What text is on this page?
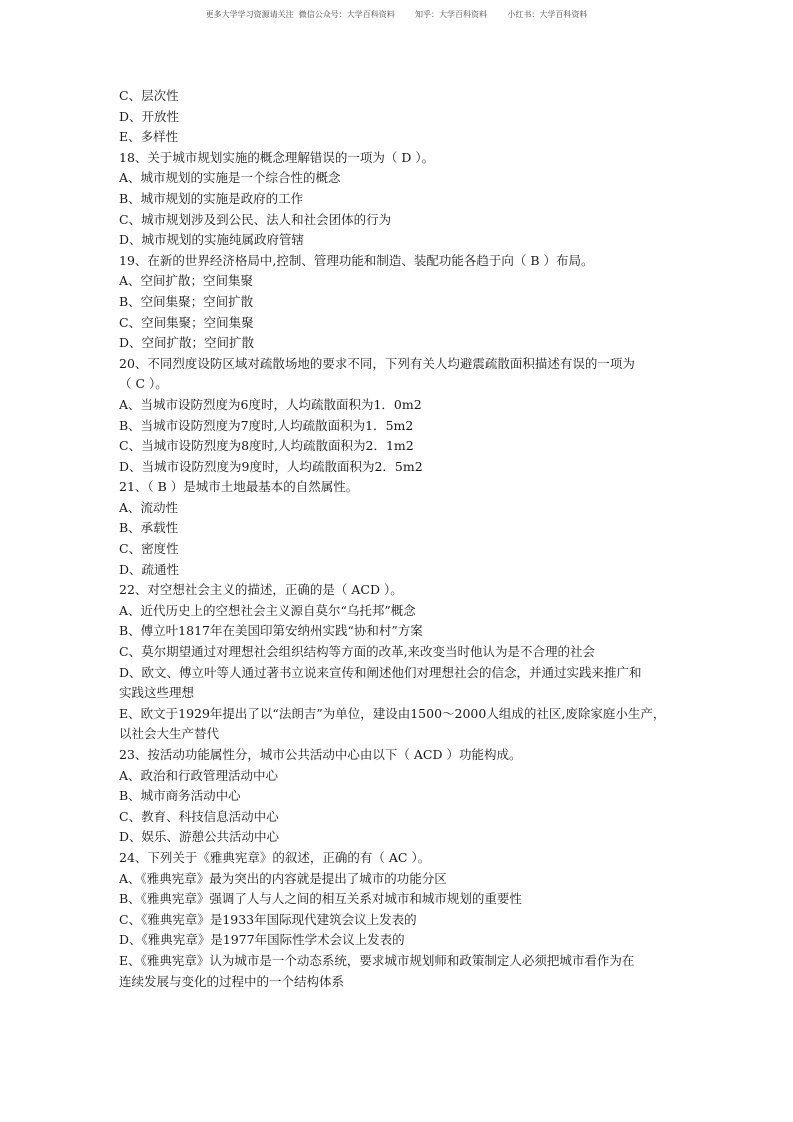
更多大学学习资源请关注  微信公众号：大学百科资料        知乎：大学百科资料        小红书：大学百科资料
C、层次性
D、开放性
E、多样性
18、关于城市规划实施的概念理解错误的一项为（ D ）。
A、城市规划的实施是一个综合性的概念
B、城市规划的实施是政府的工作
C、城市规划涉及到公民、法人和社会团体的行为
D、城市规划的实施纯属政府管辖
19、在新的世界经济格局中,控制、管理功能和制造、装配功能各趋于向（ B ）布局。
A、空间扩散；空间集聚
B、空间集聚；空间扩散
C、空间集聚；空间集聚
D、空间扩散；空间扩散
20、不同烈度设防区域对疏散场地的要求不同，下列有关人均避震疏散面积描述有误的一项为
（ C ）。
A、当城市设防烈度为6度时，人均疏散面积为1．0m2
B、当城市设防烈度为7度时,人均疏散面积为1．5m2
C、当城市设防烈度为8度时,人均疏散面积为2．1m2
D、当城市设防烈度为9度时，人均疏散面积为2．5m2
21、（ B ）是城市土地最基本的自然属性。
A、流动性
B、承载性
C、密度性
D、疏通性
22、对空想社会主义的描述，正确的是（ ACD ）。
A、近代历史上的空想社会主义源自莫尔“乌托邦”概念
B、傅立叶1817年在美国印第安纳州实践“协和村”方案
C、莫尔期望通过对理想社会组织结构等方面的改革,来改变当时他认为是不合理的社会
D、欧文、傅立叶等人通过著书立说来宣传和阐述他们对理想社会的信念，并通过实践来推广和
实践这些理想
E、欧文于1929年提出了以“法朗吉”为单位，建设由1500～2000人组成的社区,废除家庭小生产，
以社会大生产替代
23、按活动功能属性分，城市公共活动中心由以下（ ACD ）功能构成。
A、政治和行政管理活动中心
B、城市商务活动中心
C、教育、科技信息活动中心
D、娱乐、游憩公共活动中心
24、下列关于《雅典宪章》的叙述，正确的有（ AC ）。
A、《雅典宪章》最为突出的内容就是提出了城市的功能分区
B、《雅典宪章》强调了人与人之间的相互关系对城市和城市规划的重要性
C、《雅典宪章》是1933年国际现代建筑会议上发表的
D、《雅典宪章》是1977年国际性学术会议上发表的
E、《雅典宪章》认为城市是一个动态系统，要求城市规划师和政策制定人必须把城市看作为在
连续发展与变化的过程中的一个结构体系
